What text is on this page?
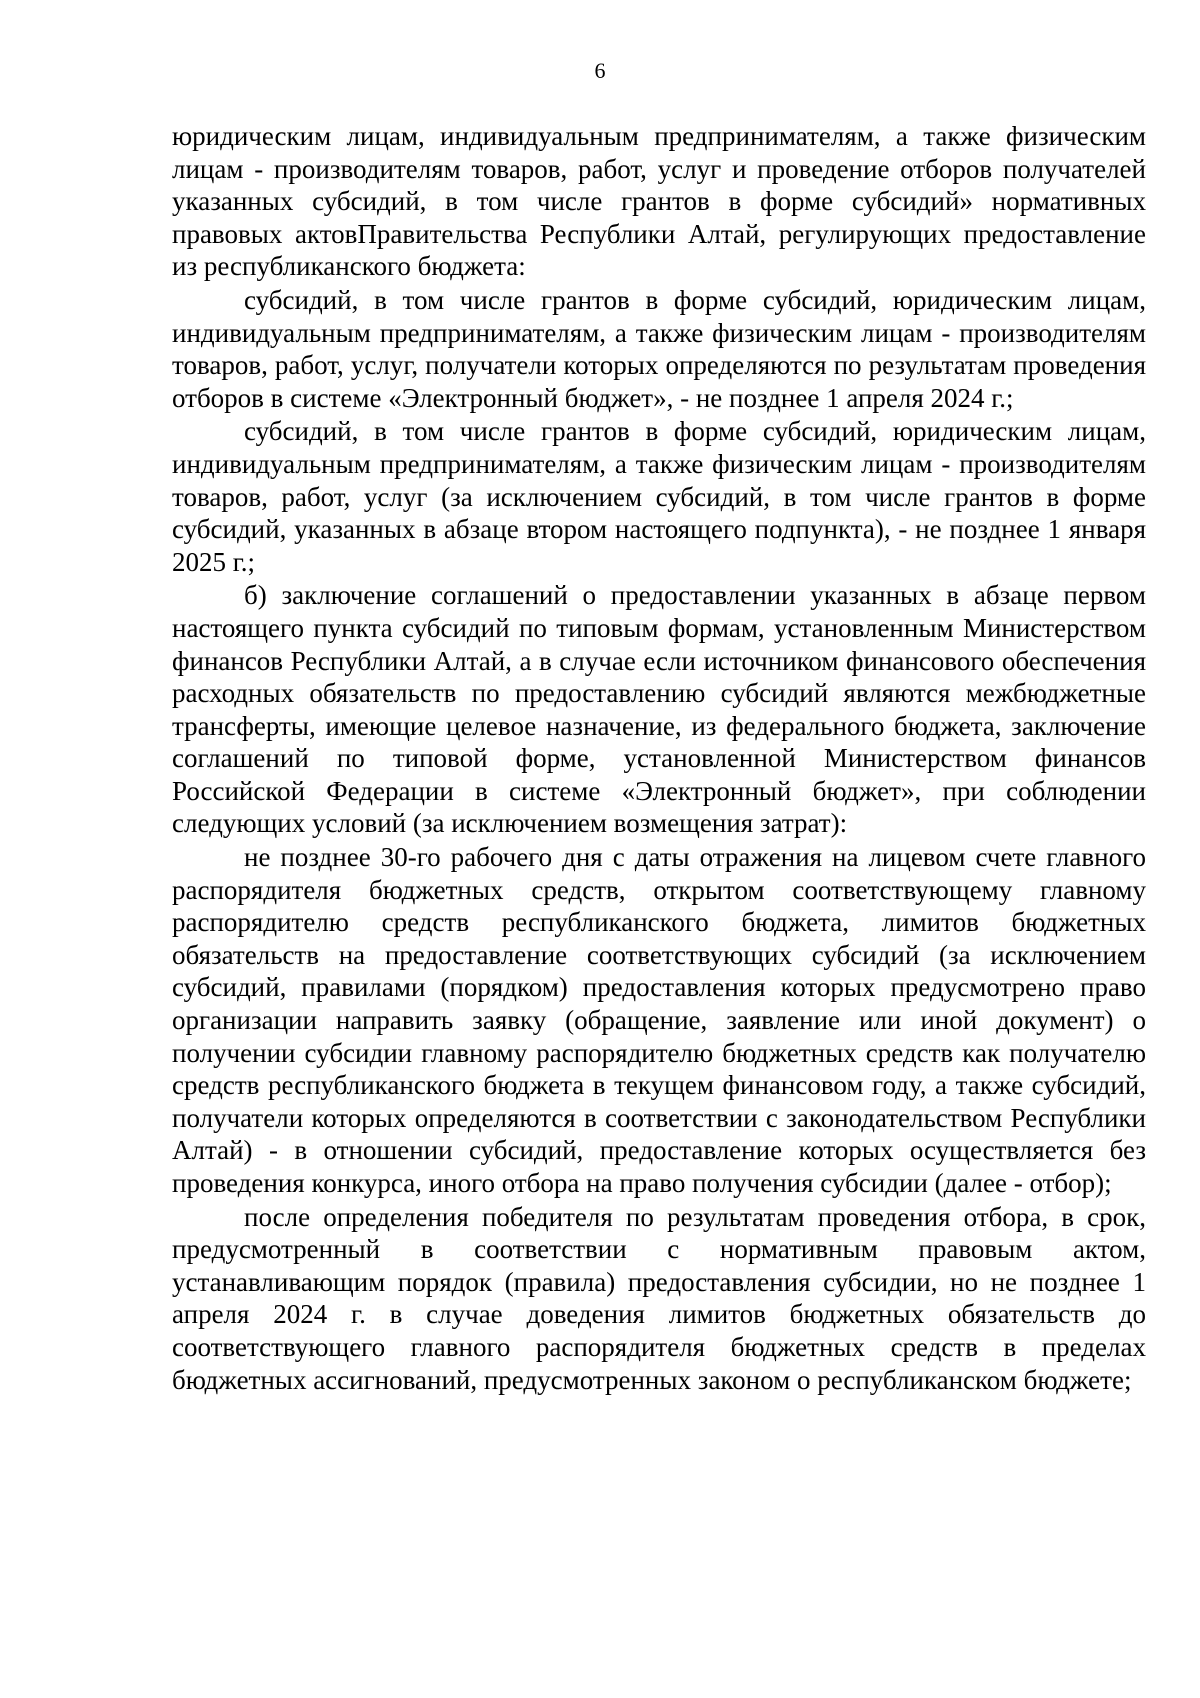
6

юридическим лицам, индивидуальным предпринимателям, а также физическим лицам - производителям товаров, работ, услуг и проведение отборов получателей указанных субсидий, в том числе грантов в форме субсидий» нормативных правовых актовПравительства Республики Алтай, регулирующих предоставление из республиканского бюджета:

субсидий, в том числе грантов в форме субсидий, юридическим лицам, индивидуальным предпринимателям, а также физическим лицам - производителям товаров, работ, услуг, получатели которых определяются по результатам проведения отборов в системе «Электронный бюджет», - не позднее 1 апреля 2024 г.;

субсидий, в том числе грантов в форме субсидий, юридическим лицам, индивидуальным предпринимателям, а также физическим лицам - производителям товаров, работ, услуг (за исключением субсидий, в том числе грантов в форме субсидий, указанных в абзаце втором настоящего подпункта), - не позднее 1 января 2025 г.;

б) заключение соглашений о предоставлении указанных в абзаце первом настоящего пункта субсидий по типовым формам, установленным Министерством финансов Республики Алтай, а в случае если источником финансового обеспечения расходных обязательств по предоставлению субсидий являются межбюджетные трансферты, имеющие целевое назначение, из федерального бюджета, заключение соглашений по типовой форме, установленной Министерством финансов Российской Федерации в системе «Электронный бюджет», при соблюдении следующих условий (за исключением возмещения затрат):

не позднее 30-го рабочего дня с даты отражения на лицевом счете главного распорядителя бюджетных средств, открытом соответствующему главному распорядителю средств республиканского бюджета, лимитов бюджетных обязательств на предоставление соответствующих субсидий (за исключением субсидий, правилами (порядком) предоставления которых предусмотрено право организации направить заявку (обращение, заявление или иной документ) о получении субсидии главному распорядителю бюджетных средств как получателю средств республиканского бюджета в текущем финансовом году, а также субсидий, получатели которых определяются в соответствии с законодательством Республики Алтай) - в отношении субсидий, предоставление которых осуществляется без проведения конкурса, иного отбора на право получения субсидии (далее - отбор);

после определения победителя по результатам проведения отбора, в срок, предусмотренный в соответствии с нормативным правовым актом, устанавливающим порядок (правила) предоставления субсидии, но не позднее 1 апреля 2024 г. в случае доведения лимитов бюджетных обязательств до соответствующего главного распорядителя бюджетных средств в пределах бюджетных ассигнований, предусмотренных законом о республиканском бюджете;
